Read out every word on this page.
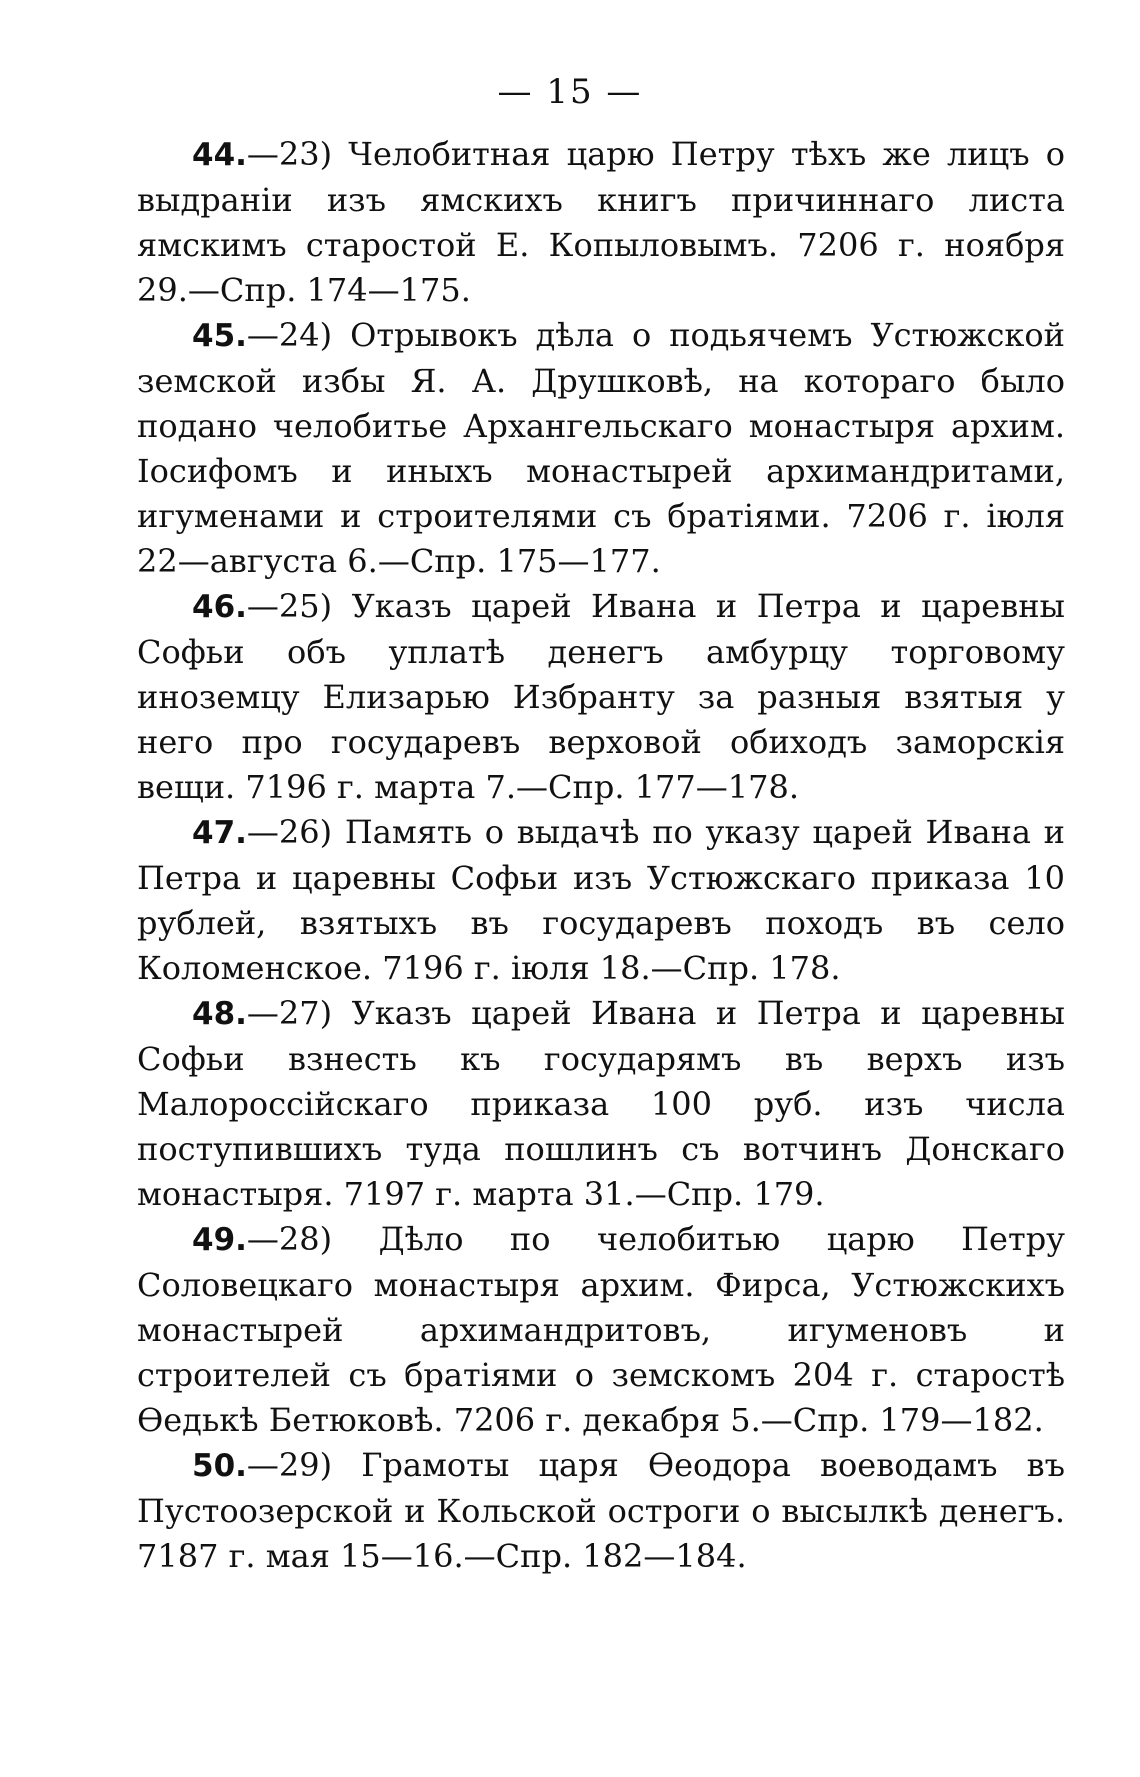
— 15 —

44.—23) Челобитная царю Петру тѣхъ же лицъ о выдранiи изъ ямскихъ книгъ причиннаго листа ямскимъ старостой Е. Копыловымъ. 7206 г. ноября 29.—Спр. 174—175.

45.—24) Отрывокъ дѣла о подьячемъ Устюжской земской избы Я. А. Друшковѣ, на котораго было подано челобитье Архангельскаго монастыря архим. Іосифомъ и иныхъ монастырей архимандритами, игуменами и строителями съ братiями. 7206 г. iюля 22—августа 6.—Спр. 175—177.

46.—25) Указъ царей Ивана и Петра и царевны Софьи объ уплатѣ денегъ амбурцу торговому иноземцу Елизарью Избранту за разныя взятыя у него про государевъ верховой обиходъ заморскiя вещи. 7196 г. марта 7.—Спр. 177—178.

47.—26) Память о выдачѣ по указу царей Ивана и Петра и царевны Софьи изъ Устюжскаго приказа 10 рублей, взятыхъ въ государевъ походъ въ село Коломенское. 7196 г. iюля 18.—Спр. 178.

48.—27) Указъ царей Ивана и Петра и царевны Софьи взнесть къ государямъ въ верхъ изъ Малороссiйскаго приказа 100 руб. изъ числа поступившихъ туда пошлинъ съ вотчинъ Донскаго монастыря. 7197 г. марта 31.—Спр. 179.

49.—28) Дѣло по челобитью царю Петру Соловецкаго монастыря архим. Фирса, Устюжскихъ монастырей архимандритовъ, игуменовъ и строителей съ братiями о земскомъ 204 г. старостѣ Ѳедькѣ Бетюковѣ. 7206 г. декабря 5.—Спр. 179—182.

50.—29) Грамоты царя Ѳеодора воеводамъ въ Пустоозерской и Кольской остроги о высылкѣ денегъ. 7187 г. мая 15—16.—Спр. 182—184.
